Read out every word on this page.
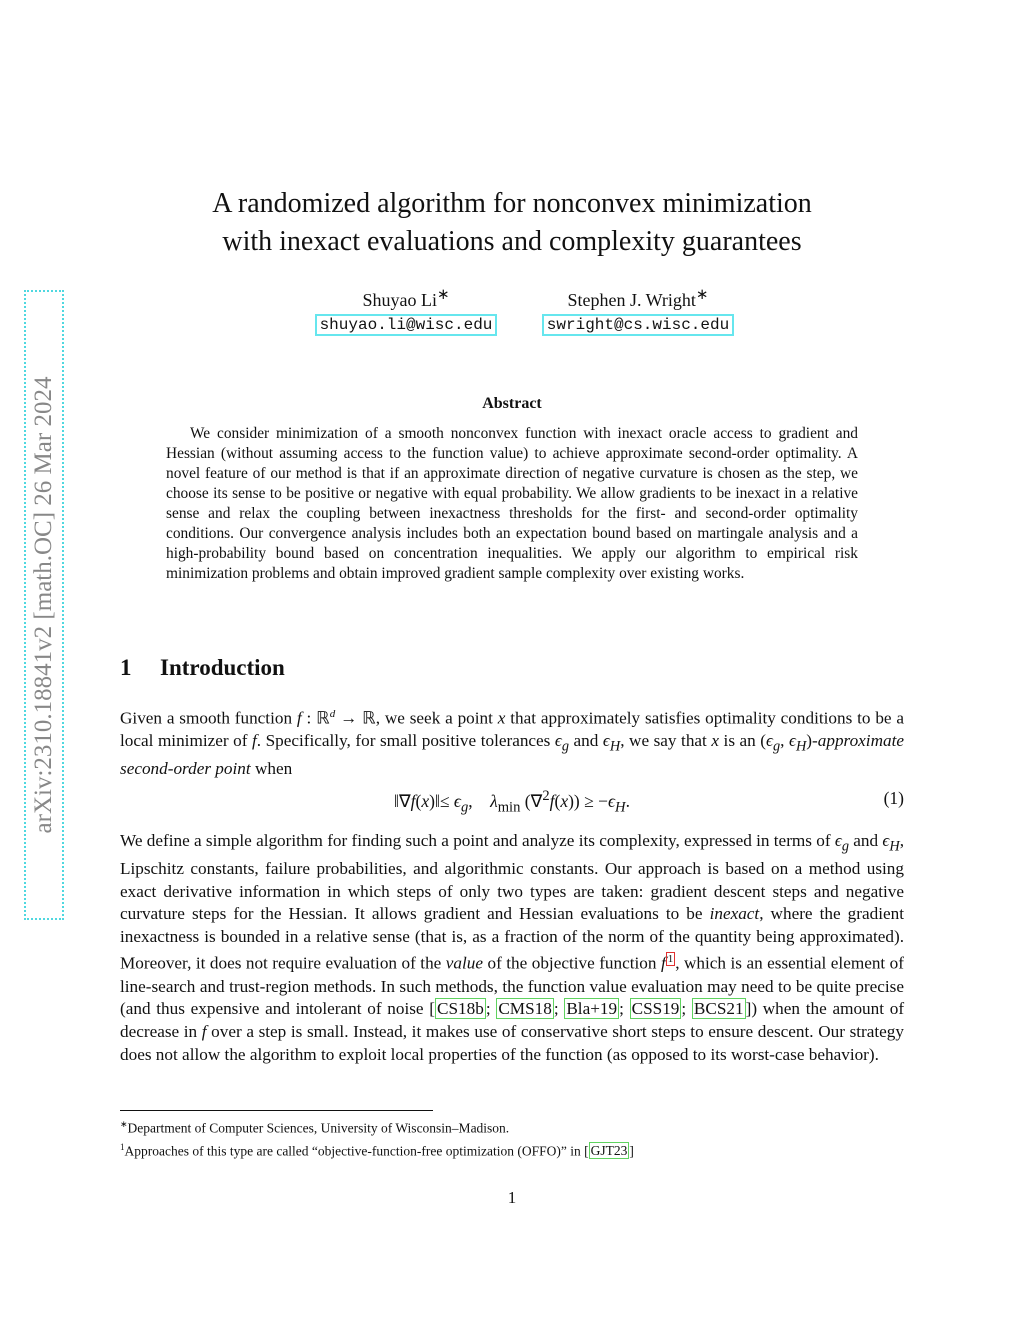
arXiv:2310.18841v2 [math.OC] 26 Mar 2024
A randomized algorithm for nonconvex minimization
with inexact evaluations and complexity guarantees
Shuyao Li∗
shuyao.li@wisc.edu
Stephen J. Wright∗
swright@cs.wisc.edu
Abstract

We consider minimization of a smooth nonconvex function with inexact oracle access to gradient and Hessian (without assuming access to the function value) to achieve approximate second-order optimality. A novel feature of our method is that if an approximate direction of negative curvature is chosen as the step, we choose its sense to be positive or negative with equal probability. We allow gradients to be inexact in a relative sense and relax the coupling between inexactness thresholds for the first- and second-order optimality conditions. Our convergence analysis includes both an expectation bound based on martingale analysis and a high-probability bound based on concentration inequalities. We apply our algorithm to empirical risk minimization problems and obtain improved gradient sample complexity over existing works.

1 Introduction

Given a smooth function f : ℝ$^d$ → ℝ, we seek a point x that approximately satisfies optimality conditions to be a local minimizer of f. Specifically, for small positive tolerances $\epsilon_g$ and $\epsilon_H$, we say that x is an ($\epsilon_g$, $\epsilon_H$)-approximate second-order point when

‖∇f(x)‖≤ $\epsilon_g$,    $\lambda_{min}$ $(\nabla^2f(x)) \ge -\epsilon_H$.	(1)

We define a simple algorithm for finding such a point and analyze its complexity, expressed in terms of $\epsilon_g$ and $\epsilon_H$, Lipschitz constants, failure probabilities, and algorithmic constants. Our approach is based on a method using exact derivative information in which steps of only two types are taken: gradient descent steps and negative curvature steps for the Hessian. It allows gradient and Hessian evaluations to be inexact, where the gradient inexactness is bounded in a relative sense (that is, as a fraction of the norm of the quantity being approximated). Moreover, it does not require evaluation of the value of the objective function f $^1$ , which is an essential element of line-search and trust-region methods. In such methods, the function value evaluation may need to be quite precise (and thus expensive and intolerant of noise [ CS18b ; CMS18 ; Bla+19 ; CSS19 ; BCS21 ]) when the amount of decrease in f over a step is small. Instead, it makes use of conservative short steps to ensure descent. Our strategy does not allow the algorithm to exploit local properties of the function (as opposed to its worst-case behavior).

∗Department of Computer Sciences, University of Wisconsin–Madison.
$^1$Approaches of this type are called “objective-function-free optimization (OFFO)” in [ GJT23 ]
1
